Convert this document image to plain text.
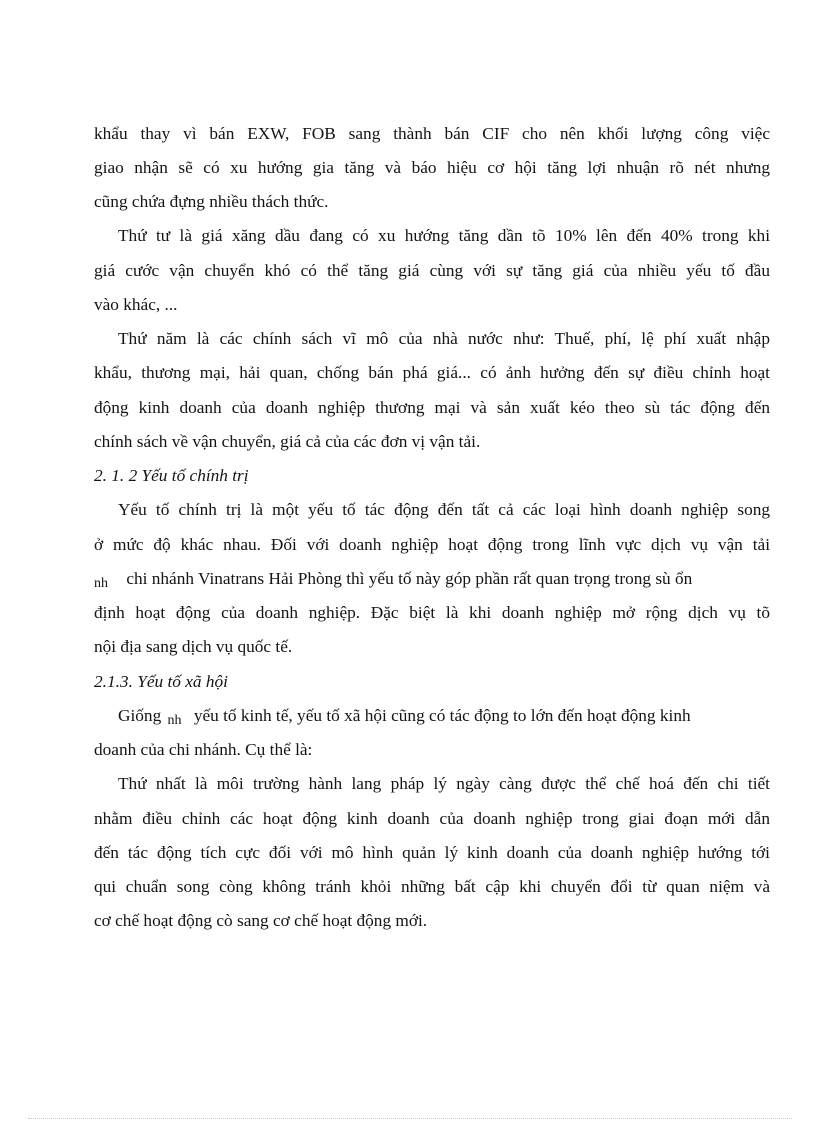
khẩu thay vì bán EXW, FOB sang thành bán CIF cho nên khối lượng công việc
giao nhận sẽ có xu hướng gia tăng và báo hiệu cơ hội tăng lợi nhuận rõ nét nhưng
cũng chứa đựng nhiều thách thức.
Thứ tư là giá xăng dầu đang có xu hướng tăng dần tõ 10% lên đến 40% trong khi
giá cước vận chuyển khó có thể tăng giá cùng với sự tăng giá của nhiều yếu tố đầu
vào khác, ...
Thứ năm là các chính sách vĩ mô của nhà nước như: Thuế, phí, lệ phí xuất nhập
khẩu, thương mại, hải quan, chống bán phá giá... có ảnh hưởng đến sự điều chỉnh hoạt
động kinh doanh của doanh nghiệp thương mại và sản xuất kéo theo sù tác động đến
chính sách về vận chuyển, giá cả của các đơn vị vận tải.
2. 1. 2 Yếu tố chính trị
Yếu tố chính trị là một yếu tố tác động đến tất cả các loại hình doanh nghiệp song
ở mức độ khác nhau. Đối với doanh nghiệp hoạt động trong lĩnh vực dịch vụ vận tải
nh chi nhánh Vinatrans Hải Phòng thì yếu tố này góp phần rất quan trọng trong sù ổn
định hoạt động của doanh nghiệp. Đặc biệt là khi doanh nghiệp mở rộng dịch vụ tõ
nội địa sang dịch vụ quốc tế.
2.1.3. Yếu tố xã hội
Giống nh yếu tố kinh tế, yếu tố xã hội cũng có tác động to lớn đến hoạt động kinh
doanh của chi nhánh. Cụ thể là:
Thứ nhất là môi trường hành lang pháp lý ngày càng được thể chế hoá đến chi tiết
nhằm điều chỉnh các hoạt động kinh doanh của doanh nghiệp trong giai đoạn mới dẫn
đến tác động tích cực đối với mô hình quản lý kinh doanh của doanh nghiệp hướng tới
qui chuẩn song còng không tránh khỏi những bất cập khi chuyển đổi từ quan niệm và
cơ chế hoạt động cò sang cơ chế hoạt động mới.
